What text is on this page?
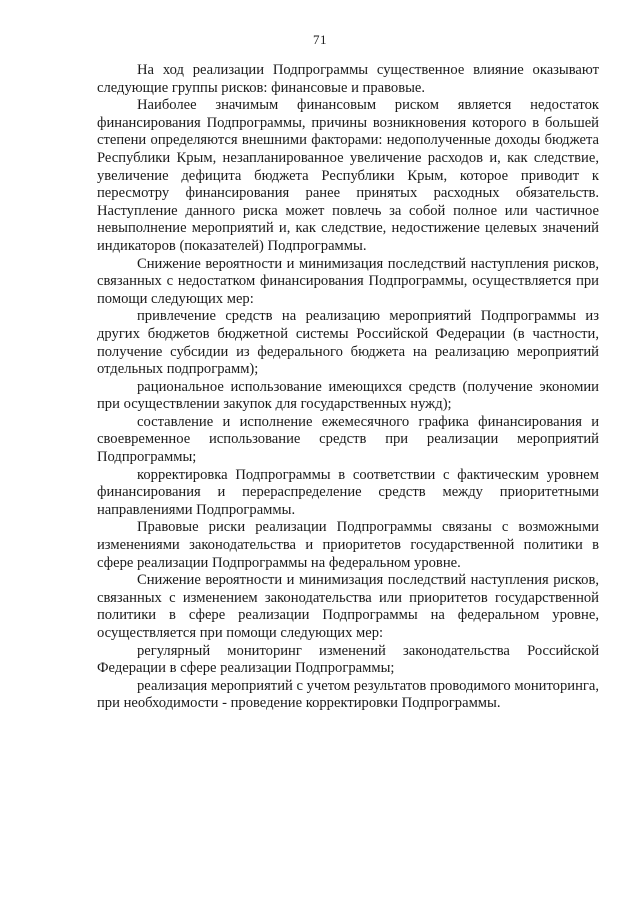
71

На ход реализации Подпрограммы существенное влияние оказывают следующие группы рисков: финансовые и правовые.

Наиболее значимым финансовым риском является недостаток финансирования Подпрограммы, причины возникновения которого в большей степени определяются внешними факторами: недополученные доходы бюджета Республики Крым, незапланированное увеличение расходов и, как следствие, увеличение дефицита бюджета Республики Крым, которое приводит к пересмотру финансирования ранее принятых расходных обязательств. Наступление данного риска может повлечь за собой полное или частичное невыполнение мероприятий и, как следствие, недостижение целевых значений индикаторов (показателей) Подпрограммы.

Снижение вероятности и минимизация последствий наступления рисков, связанных с недостатком финансирования Подпрограммы, осуществляется при помощи следующих мер:

привлечение средств на реализацию мероприятий Подпрограммы из других бюджетов бюджетной системы Российской Федерации (в частности, получение субсидии из федерального бюджета на реализацию мероприятий отдельных подпрограмм);

рациональное использование имеющихся средств (получение экономии при осуществлении закупок для государственных нужд);

составление и исполнение ежемесячного графика финансирования и своевременное использование средств при реализации мероприятий Подпрограммы;

корректировка Подпрограммы в соответствии с фактическим уровнем финансирования и перераспределение средств между приоритетными направлениями Подпрограммы.

Правовые риски реализации Подпрограммы связаны с возможными изменениями законодательства и приоритетов государственной политики в сфере реализации Подпрограммы на федеральном уровне.

Снижение вероятности и минимизация последствий наступления рисков, связанных с изменением законодательства или приоритетов государственной политики в сфере реализации Подпрограммы на федеральном уровне, осуществляется при помощи следующих мер:

регулярный мониторинг изменений законодательства Российской Федерации в сфере реализации Подпрограммы;

реализация мероприятий с учетом результатов проводимого мониторинга, при необходимости - проведение корректировки Подпрограммы.
